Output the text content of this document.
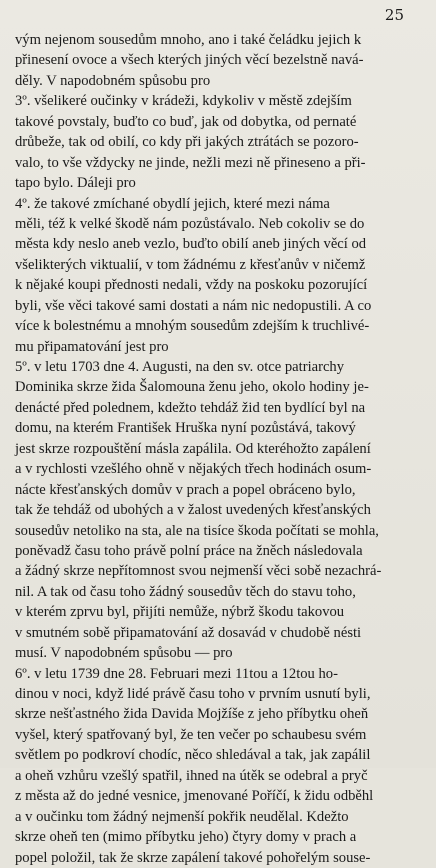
25
vým nejenom sousedům mnoho, ano i také čeládku jejich k
přinesení ovoce a všech kterých jiných věcí bezelstně navá-
děly. V napodobném spůsobu pro
3º. všelikeré oučinky v krádeži, kdykoliv v městě zdejším
takové povstaly, buďto co buď, jak od dobytka, od pernaté
drůbeže, tak od obilí, co kdy při jakých ztrátách se pozoro-
valo, to vše vždycky ne jinde, nežli mezi ně přineseno a při-
tapo bylo. Dáleji pro
4º. že takové zmíchané obydlí jejich, které mezi náma
měli, též k velké škodě nám pozůstávalo. Neb cokoliv se do
města kdy neslo aneb vezlo, buďto obilí aneb jiných věcí od
všelikterých viktualií, v tom žádnému z křesťanův v ničemž
k nějaké koupi přednosti nedali, vždy na poskoku pozorující
byli, vše věci takové sami dostati a nám nic nedopustili. A co
více k bolestnému a mnohým sousedům zdejším k truchlivé-
mu připamatování jest pro
5º. v letu 1703 dne 4. Augusti, na den sv. otce patriarchy
Dominika skrze žida Šalomouna ženu jeho, okolo hodiny je-
denácté před polednem, kdežto tehdáž žid ten bydlící byl na
domu, na kterém František Hruška nyní pozůstává, takový
jest skrze rozpouštění másla zapálila. Od kteréhožto zapálení
a v rychlosti vzešlého ohně v nějakých třech hodinách osum-
nácte křesťanských domův v prach a popel obráceno bylo,
tak že tehdáž od ubohých a v žalost uvedených křesťanských
sousedův netoliko na sta, ale na tisíce škoda počítati se mohla,
poněvadž času toho právě polní práce na žněch následovala
a žádný skrze nepřítomnost svou nejmenší věci sobě nezachrá-
nil. A tak od času toho žádný sousedův těch do stavu toho,
v kterém zprvu byl, přijíti nemůže, nýbrž škodu takovou
v smutném sobě připamatování až dosavád v chudobě nésti
musí. V napodobném spůsobu — pro
6º. v letu 1739 dne 28. Februari mezi 11tou a 12tou ho-
dinou v noci, když lidé právě času toho v prvním usnutí byli,
skrze nešťastného žida Davida Mojžíše z jeho příbytku oheň
vyšel, který spatřovaný byl, že ten večer po schaubesu svém
světlem po podkroví chodíc, něco shledával a tak, jak zapálil
a oheň vzhůru vzešlý spatřil, ihned na útěk se odebral a pryč
z města až do jedné vesnice, jmenované Poříčí, k židu odběhl
a v oučinku tom žádný nejmenší pokřik neudělal. Kdežto
skrze oheň ten (mimo příbytku jeho) čtyry domy v prach a
popel položil, tak že skrze zapálení takové pohořelým souse-
